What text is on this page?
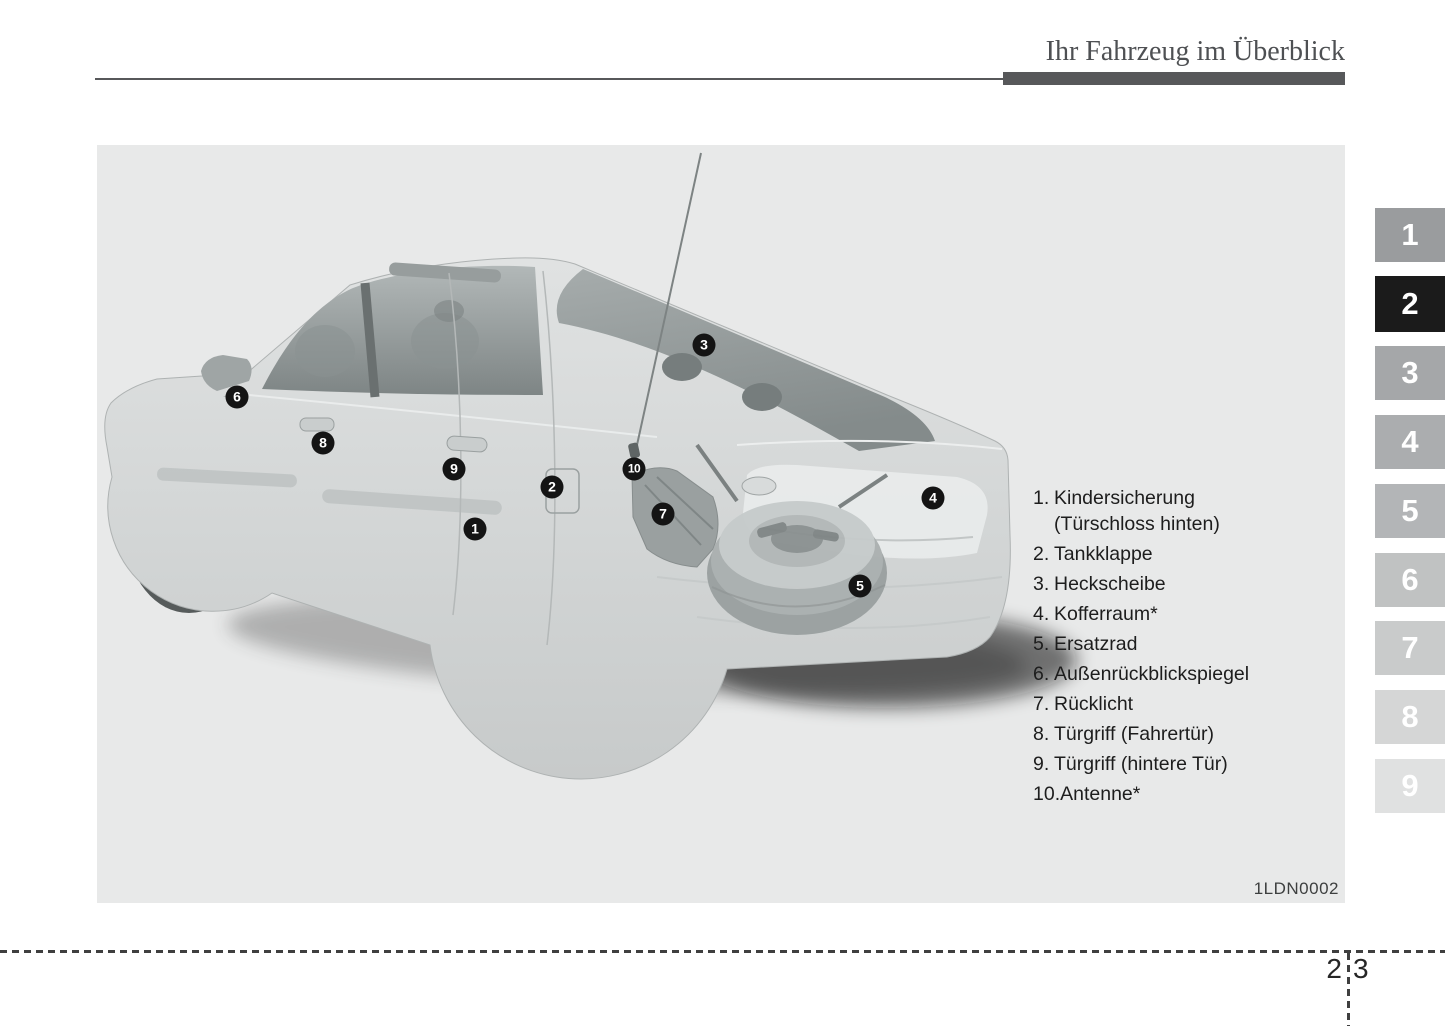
Ihr Fahrzeug im Überblick
1
2
3
4
5
6
7
8
9	10
1. Kindersicherung
(Türschloss hinten)
2. Tankklappe
3. Heckscheibe
4. Kofferraum*
5. Ersatzrad
6. Außenrückblickspiegel
7. Rücklicht
8. Türgriff (Fahrertür)
9. Türgriff (hintere Tür)
10. Antenne*
1LDN0002
1
2
3
4
5
6
7
8
9
2 3
